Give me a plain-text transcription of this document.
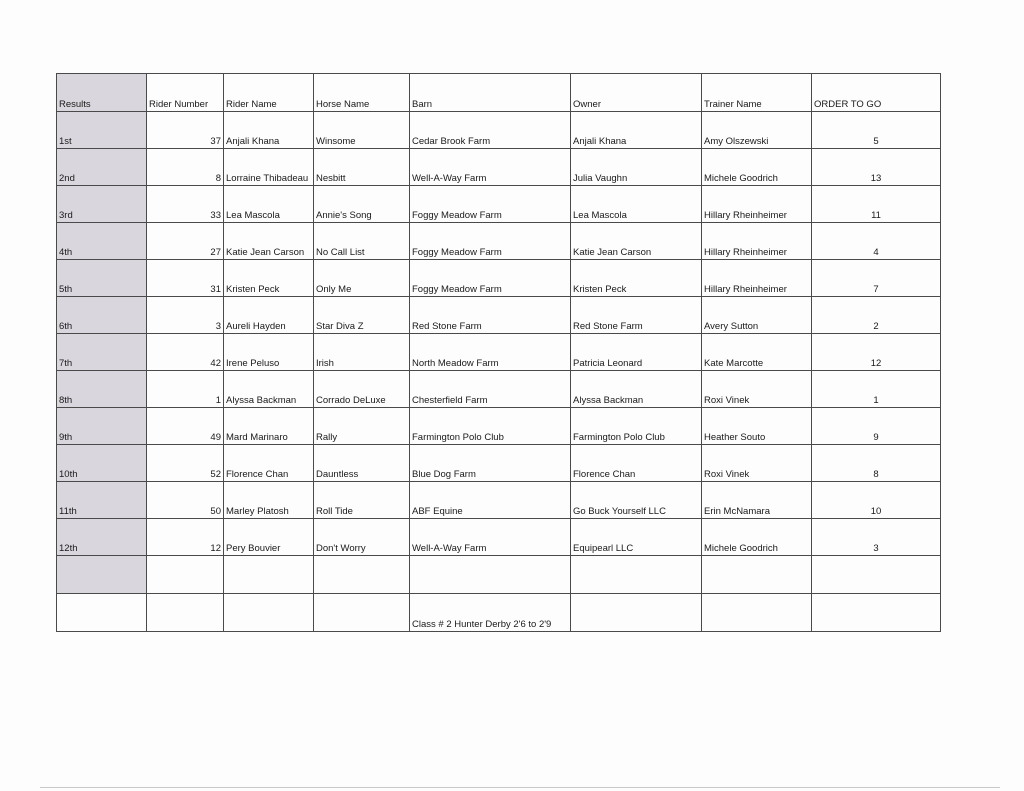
Results	Rider Number	Rider Name	Horse Name	Barn	Owner	Trainer Name	ORDER TO GO
1st	37	Anjali Khana	Winsome	Cedar Brook Farm	Anjali Khana	Amy Olszewski	5
2nd	8	Lorraine Thibadeau	Nesbitt	Well-A-Way Farm	Julia Vaughn	Michele Goodrich	13
3rd	33	Lea Mascola	Annie's Song	Foggy Meadow Farm	Lea Mascola	Hillary Rheinheimer	11
4th	27	Katie Jean Carson	No Call List	Foggy Meadow Farm	Katie Jean Carson	Hillary Rheinheimer	4
5th	31	Kristen Peck	Only Me	Foggy Meadow Farm	Kristen Peck	Hillary Rheinheimer	7
6th	3	Aureli Hayden	Star Diva Z	Red Stone Farm	Red Stone Farm	Avery Sutton	2
7th	42	Irene Peluso	Irish	North Meadow Farm	Patricia Leonard	Kate Marcotte	12
8th	1	Alyssa Backman	Corrado DeLuxe	Chesterfield Farm	Alyssa Backman	Roxi Vinek	1
9th	49	Mard Marinaro	Rally	Farmington Polo Club	Farmington Polo Club	Heather Souto	9
10th	52	Florence Chan	Dauntless	Blue Dog Farm	Florence Chan	Roxi Vinek	8
11th	50	Marley Platosh	Roll Tide	ABF Equine	Go Buck Yourself LLC	Erin McNamara	10
12th	12	Pery Bouvier	Don't Worry	Well-A-Way Farm	Equipearl LLC	Michele Goodrich	3

				Class # 2 Hunter Derby 2'6 to 2'9			
